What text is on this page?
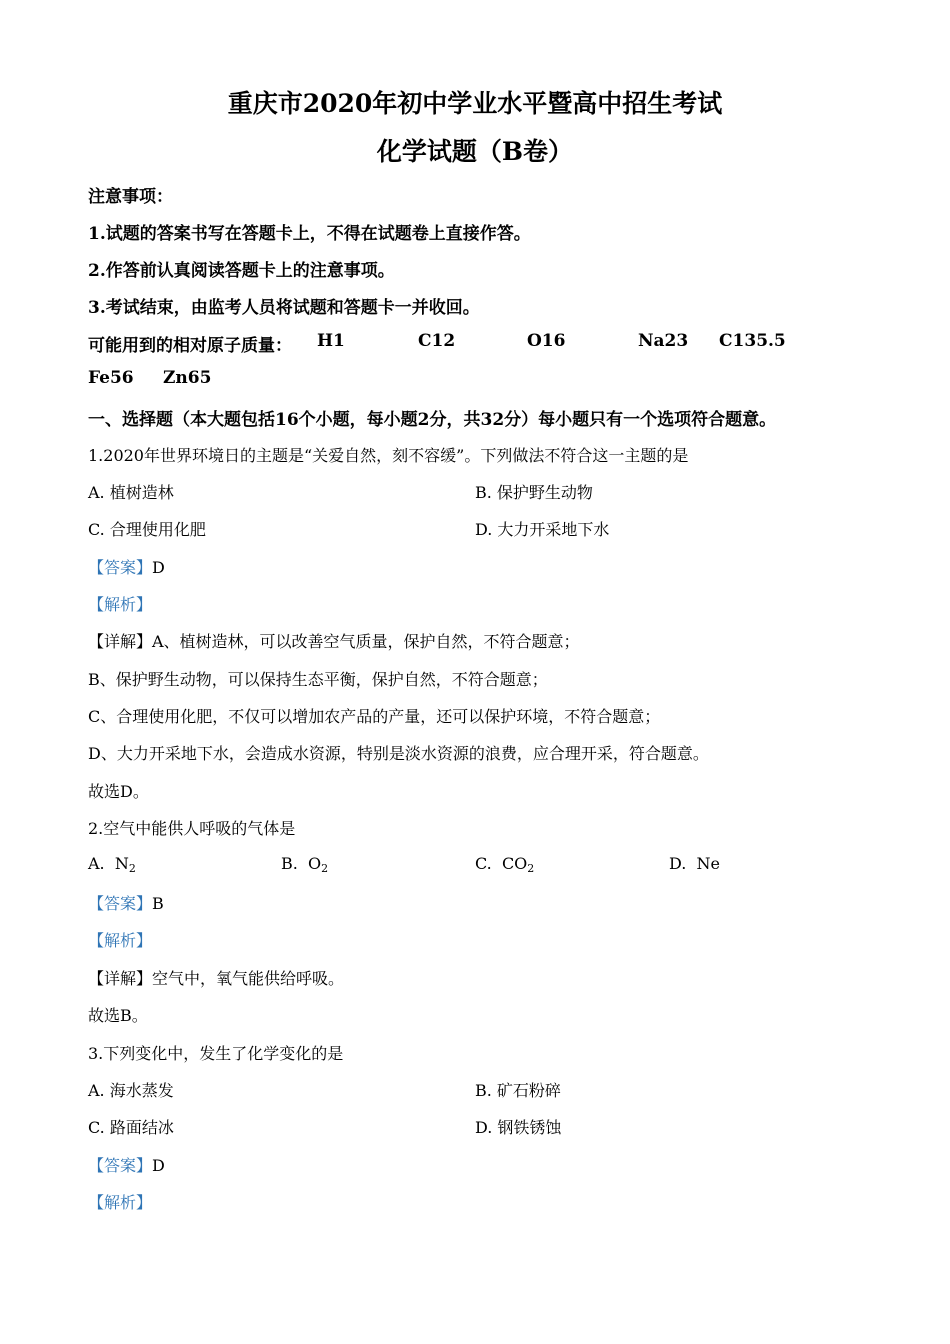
重庆市2020年初中学业水平暨高中招生考试
化学试题（B卷）
注意事项：
1.试题的答案书写在答题卡上，不得在试题卷上直接作答。
2.作答前认真阅读答题卡上的注意事项。
3.考试结束，由监考人员将试题和答题卡一并收回。
可能用到的相对原子质量： H1	C12	O16	Na23 C135.5
Fe56 Zn65
一、选择题（本大题包括16个小题，每小题2分，共32分）每小题只有一个选项符合题意。
1.2020年世界环境日的主题是“关爱自然，刻不容缓”。下列做法不符合这一主题的是
A. 植树造林	B. 保护野生动物
C. 合理使用化肥	D. 大力开采地下水
【答案】D
【解析】
【详解】A、植树造林，可以改善空气质量，保护自然，不符合题意；
B、保护野生动物，可以保持生态平衡，保护自然，不符合题意；
C、合理使用化肥，不仅可以增加农产品的产量，还可以保护环境，不符合题意；
D、大力开采地下水，会造成水资源，特别是淡水资源的浪费，应合理开采，符合题意。
故选D。
2.空气中能供人呼吸的气体是
A. $N_2$	B. $O_2$	C. $CO_2$	D. Ne
【答案】B
【解析】
【详解】空气中，氧气能供给呼吸。
故选B。
3.下列变化中，发生了化学变化的是
A. 海水蒸发	B. 矿石粉碎
C. 路面结冰	D. 钢铁锈蚀
【答案】D
【解析】
